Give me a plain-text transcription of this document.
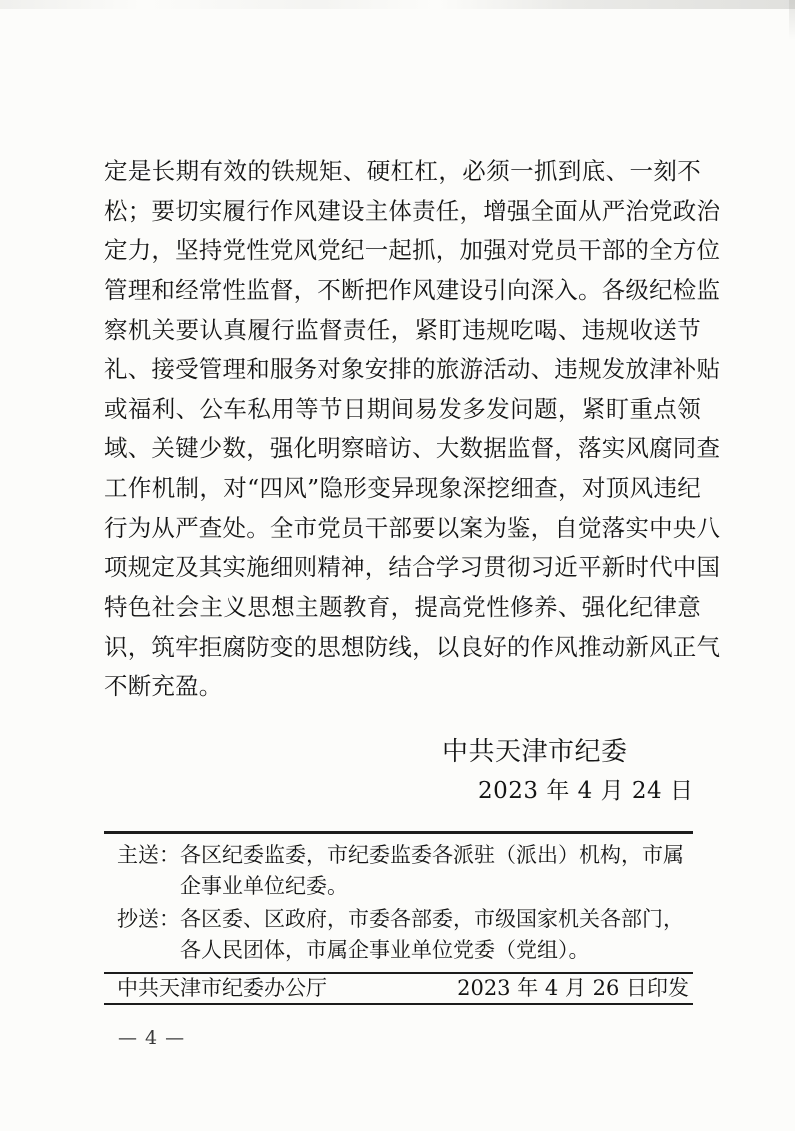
定是长期有效的铁规矩、硬杠杠，必须一抓到底、一刻不
松；要切实履行作风建设主体责任，增强全面从严治党政治
定力，坚持党性党风党纪一起抓，加强对党员干部的全方位
管理和经常性监督，不断把作风建设引向深入。各级纪检监
察机关要认真履行监督责任，紧盯违规吃喝、违规收送节
礼、接受管理和服务对象安排的旅游活动、违规发放津补贴
或福利、公车私用等节日期间易发多发问题，紧盯重点领
域、关键少数，强化明察暗访、大数据监督，落实风腐同查
工作机制，对“四风”隐形变异现象深挖细查，对顶风违纪
行为从严查处。全市党员干部要以案为鉴，自觉落实中央八
项规定及其实施细则精神，结合学习贯彻习近平新时代中国
特色社会主义思想主题教育，提高党性修养、强化纪律意
识，筑牢拒腐防变的思想防线，以良好的作风推动新风正气
不断充盈。
中共天津市纪委
2023 年 4 月 24 日
主送： 各区纪委监委，市纪委监委各派驻（派出）机构，市属
企事业单位纪委。
抄送： 各区委、区政府，市委各部委，市级国家机关各部门，
各人民团体，市属企事业单位党委（党组）。
中共天津市纪委办公厅	2023 年 4 月 26 日印发
— 4 —
